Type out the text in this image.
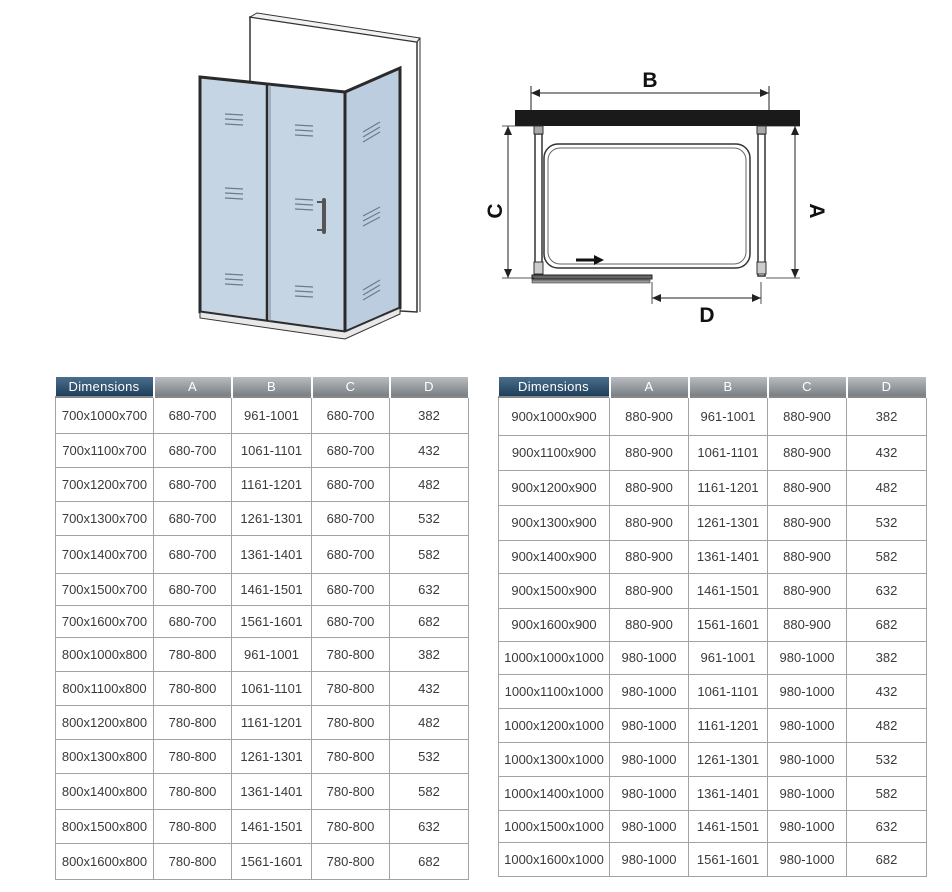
B
C	A
D
Dimensions	A	B	C	D
700x1000x700	680-700	961-1001	680-700	382
700x1100x700	680-700	1061-1101	680-700	432
700x1200x700	680-700	1161-1201	680-700	482
700x1300x700	680-700	1261-1301	680-700	532
700x1400x700	680-700	1361-1401	680-700	582
700x1500x700	680-700	1461-1501	680-700	632
700x1600x700	680-700	1561-1601	680-700	682
800x1000x800	780-800	961-1001	780-800	382
800x1100x800	780-800	1061-1101	780-800	432
800x1200x800	780-800	1161-1201	780-800	482
800x1300x800	780-800	1261-1301	780-800	532
800x1400x800	780-800	1361-1401	780-800	582
800x1500x800	780-800	1461-1501	780-800	632
800x1600x800	780-800	1561-1601	780-800	682
Dimensions	A	B	C	D
900x1000x900	880-900	961-1001	880-900	382
900x1100x900	880-900	1061-1101	880-900	432
900x1200x900	880-900	1161-1201	880-900	482
900x1300x900	880-900	1261-1301	880-900	532
900x1400x900	880-900	1361-1401	880-900	582
900x1500x900	880-900	1461-1501	880-900	632
900x1600x900	880-900	1561-1601	880-900	682
1000x1000x1000	980-1000	961-1001	980-1000	382
1000x1100x1000	980-1000	1061-1101	980-1000	432
1000x1200x1000	980-1000	1161-1201	980-1000	482
1000x1300x1000	980-1000	1261-1301	980-1000	532
1000x1400x1000	980-1000	1361-1401	980-1000	582
1000x1500x1000	980-1000	1461-1501	980-1000	632
1000x1600x1000	980-1000	1561-1601	980-1000	682
